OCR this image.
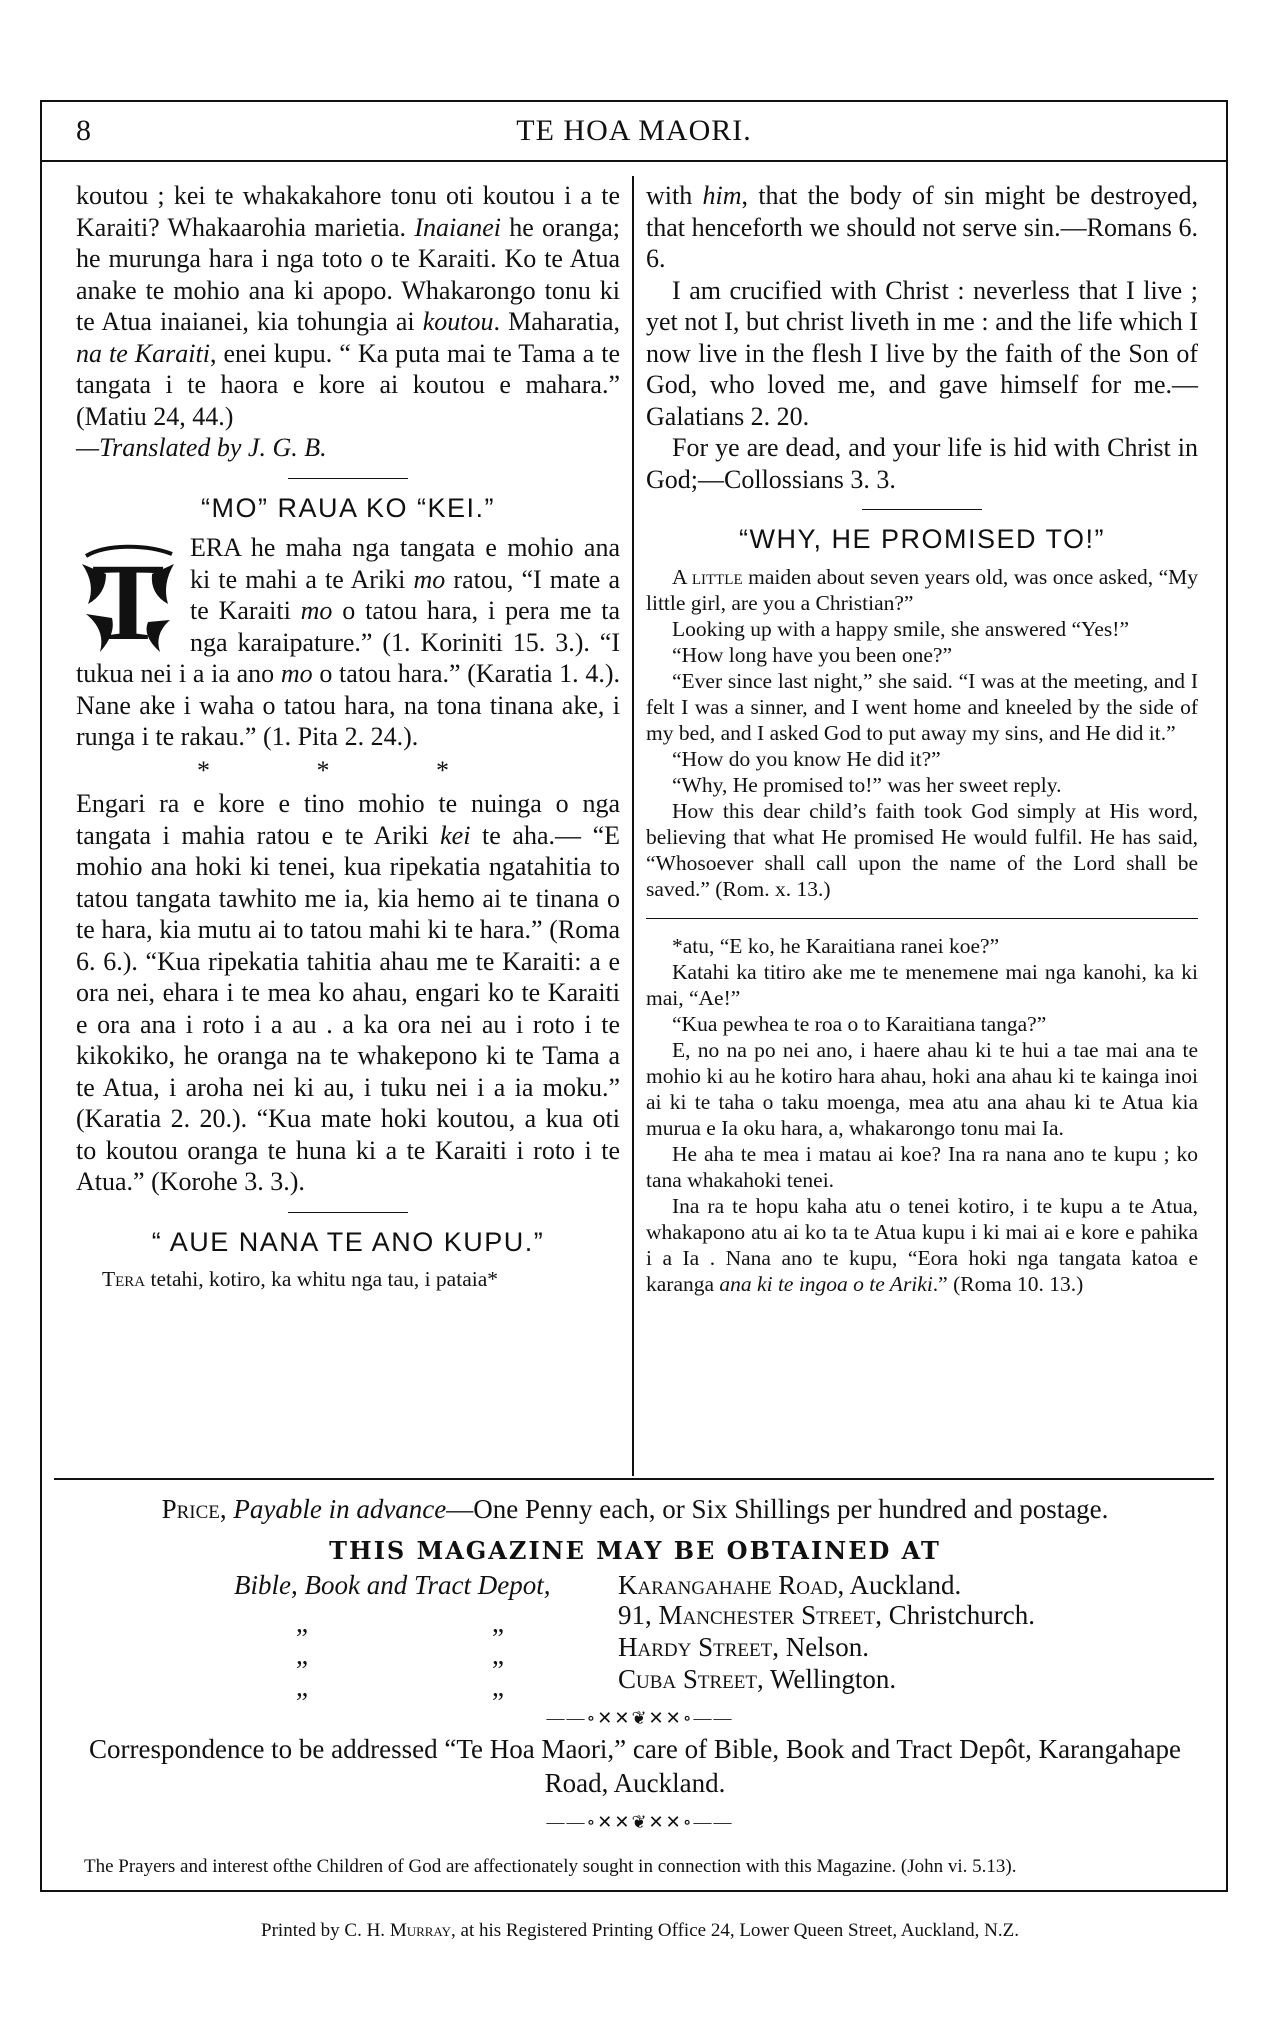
8	TE HOA MAORI.

koutou ; kei te whakakahore tonu oti koutou i a te Karaiti? Whakaarohia marietia. Inaianei he oranga; he murunga hara i nga toto o te Karaiti. Ko te Atua anake te mohio ana ki apopo. Whakarongo tonu ki te Atua inaianei, kia tohungia ai koutou. Maharatia, na te Karaiti, enei kupu. “ Ka puta mai te Tama a te tangata i te haora e kore ai koutou e mahara.” (Matiu 24, 44.)

—Translated by J. G. B.

“MO” RAUA KO “KEI.”

T ERA he maha nga tangata e mohio ana ki te mahi a te Ariki mo ratou, “I mate a te Karaiti mo o tatou hara, i pera me ta nga karaipature.” (1. Koriniti 15. 3.). “I tukua nei i a ia ano mo o tatou hara.” (Karatia 1. 4.). Nane ake i waha o tatou hara, na tona tinana ake, i runga i te rakau.” (1. Pita 2. 24.).

* * *

Engari ra e kore e tino mohio te nuinga o nga tangata i mahia ratou e te Ariki kei te aha.— “E mohio ana hoki ki tenei, kua ripekatia ngatahitia to tatou tangata tawhito me ia, kia hemo ai te tinana o te hara, kia mutu ai to tatou mahi ki te hara.” (Roma 6. 6.). “Kua ripekatia tahitia ahau me te Karaiti: a e ora nei, ehara i te mea ko ahau, engari ko te Karaiti e ora ana i roto i a au . a ka ora nei au i roto i te kikokiko, he oranga na te whakepono ki te Tama a te Atua, i aroha nei ki au, i tuku nei i a ia moku.” (Karatia 2. 20.). “Kua mate hoki koutou, a kua oti to koutou oranga te huna ki a te Karaiti i roto i te Atua.” (Korohe 3. 3.).

“ AUE NANA TE ANO KUPU.”

Tera tetahi, kotiro, ka whitu nga tau, i pataia*

with him, that the body of sin might be destroyed, that henceforth we should not serve sin.—Romans 6. 6.

I am crucified with Christ : neverless that I live ; yet not I, but christ liveth in me : and the life which I now live in the flesh I live by the faith of the Son of God, who loved me, and gave himself for me.—Galatians 2. 20.

For ye are dead, and your life is hid with Christ in God;—Collossians 3. 3.

“WHY, HE PROMISED TO!”

A little maiden about seven years old, was once asked, “My little girl, are you a Christian?”

Looking up with a happy smile, she answered “Yes!”

“How long have you been one?”

“Ever since last night,” she said. “I was at the meeting, and I felt I was a sinner, and I went home and kneeled by the side of my bed, and I asked God to put away my sins, and He did it.”

“How do you know He did it?”

“Why, He promised to!” was her sweet reply.

How this dear child’s faith took God simply at His word, believing that what He promised He would fulfil. He has said, “Whosoever shall call upon the name of the Lord shall be saved.” (Rom. x. 13.)

*atu, “E ko, he Karaitiana ranei koe?”

Katahi ka titiro ake me te menemene mai nga kanohi, ka ki mai, “Ae!”

“Kua pewhea te roa o to Karaitiana tanga?”

E, no na po nei ano, i haere ahau ki te hui a tae mai ana te mohio ki au he kotiro hara ahau, hoki ana ahau ki te kainga inoi ai ki te taha o taku moenga, mea atu ana ahau ki te Atua kia murua e Ia oku hara, a, whakarongo tonu mai Ia.

He aha te mea i matau ai koe? Ina ra nana ano te kupu ; ko tana whakahoki tenei.

Ina ra te hopu kaha atu o tenei kotiro, i te kupu a te Atua, whakapono atu ai ko ta te Atua kupu i ki mai ai e kore e pahika i a Ia . Nana ano te kupu, “Eora hoki nga tangata katoa e karanga ana ki te ingoa o te Ariki.” (Roma 10. 13.)

Price, Payable in advance—One Penny each, or Six Shillings per hundred and postage.
THIS MAGAZINE MAY BE OBTAINED AT
Bible, Book and Tract Depot,	Karangahahe Road, Auckland.
„	„	91, Manchester Street, Christchurch.
„	„	Hardy Street, Nelson.
„	„	Cuba Street, Wellington.
——∘✕✕❦✕✕∘——
Correspondence to be addressed “Te Hoa Maori,” care of Bible, Book and Tract Depôt, Karangahape Road, Auckland.
——∘✕✕❦✕✕∘——
The Prayers and interest ofthe Children of God are affectionately sought in connection with this Magazine. (John vi. 5.13).
Printed by C. H. Murray, at his Registered Printing Office 24, Lower Queen Street, Auckland, N.Z.
